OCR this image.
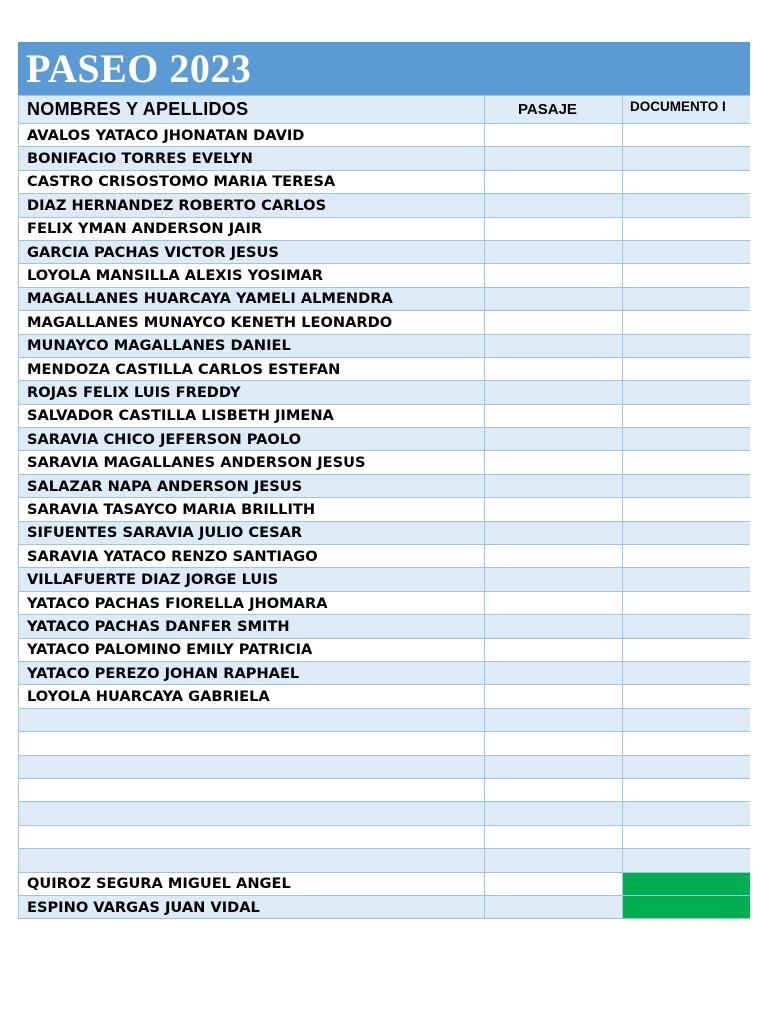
PASEO 2023
NOMBRES Y APELLIDOS	PASAJE	DOCUMENTO I
AVALOS YATACO JHONATAN DAVID		
BONIFACIO TORRES EVELYN		
CASTRO CRISOSTOMO MARIA TERESA		
DIAZ HERNANDEZ ROBERTO CARLOS		
FELIX YMAN ANDERSON JAIR		
GARCIA PACHAS VICTOR JESUS		
LOYOLA MANSILLA ALEXIS YOSIMAR		
MAGALLANES HUARCAYA YAMELI ALMENDRA		
MAGALLANES MUNAYCO KENETH LEONARDO		
MUNAYCO MAGALLANES DANIEL		
MENDOZA CASTILLA CARLOS ESTEFAN		
ROJAS FELIX LUIS FREDDY		
SALVADOR CASTILLA LISBETH JIMENA		
SARAVIA CHICO JEFERSON PAOLO		
SARAVIA MAGALLANES ANDERSON JESUS		
SALAZAR NAPA ANDERSON JESUS		
SARAVIA TASAYCO MARIA BRILLITH		
SIFUENTES SARAVIA JULIO CESAR		
SARAVIA YATACO RENZO SANTIAGO		
VILLAFUERTE DIAZ JORGE LUIS		
YATACO PACHAS FIORELLA JHOMARA		
YATACO PACHAS DANFER SMITH		
YATACO PALOMINO EMILY PATRICIA		
YATACO PEREZO JOHAN RAPHAEL		
LOYOLA HUARCAYA GABRIELA		

QUIROZ SEGURA MIGUEL ANGEL		
ESPINO VARGAS JUAN VIDAL		
